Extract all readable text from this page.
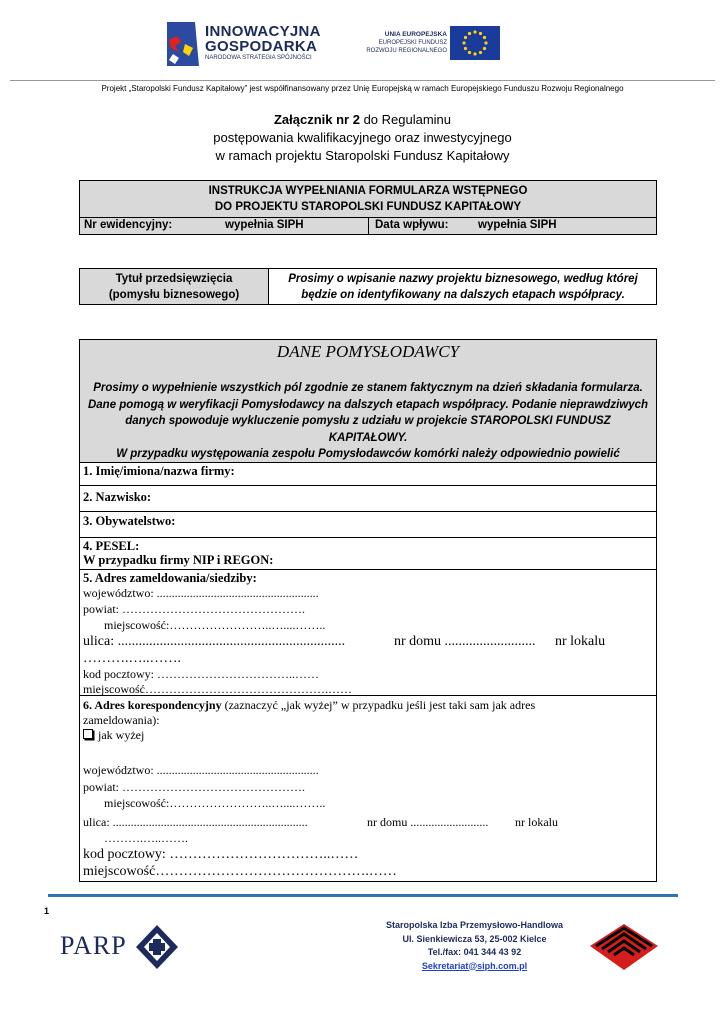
INNOWACYJNA
GOSPODARKA
NARODOWA STRATEGIA SPÓJNOŚCI
UNIA EUROPEJSKA
EUROPEJSKI FUNDUSZ
ROZWOJU REGIONALNEGO
Projekt „Staropolski Fundusz Kapitałowy” jest współfinansowany przez Unię Europejską w ramach Europejskiego Funduszu Rozwoju Regionalnego
Załącznik nr 2 do Regulaminu
postępowania kwalifikacyjnego oraz inwestycyjnego
w ramach projektu Staropolski Fundusz Kapitałowy
INSTRUKCJA WYPEŁNIANIA FORMULARZA WSTĘPNEGO
DO PROJEKTU STAROPOLSKI FUNDUSZ KAPITAŁOWY
Nr ewidencyjny:	wypełnia SIPH	Data wpływu:	wypełnia SIPH
Tytuł przedsięwzięcia
(pomysłu biznesowego)
Prosimy o wpisanie nazwy projektu biznesowego, według której
będzie on identyfikowany na dalszych etapach współpracy.
DANE POMYSŁODAWCY
Prosimy o wypełnienie wszystkich pól zgodnie ze stanem faktycznym na dzień składania formularza.
Dane pomogą w weryfikacji Pomysłodawcy na dalszych etapach współpracy. Podanie nieprawdziwych
danych spowoduje wykluczenie pomysłu z udziału w projekcie STAROPOLSKI FUNDUSZ
KAPITAŁOWY.
W przypadku występowania zespołu Pomysłodawców komórki należy odpowiednio powielić
1. Imię/imiona/nazwa firmy:
2. Nazwisko:
3. Obywatelstwo:
4. PESEL:
W przypadku firmy NIP i REGON:
5. Adres zameldowania/siedziby:
województwo: ......................................................
powiat: ……………………………………….
miejscowość:……………………..…....……..
ulica: .................................................................	nr domu .......................... nr lokalu
……….…..…….
kod pocztowy: ……………………………..……
miejscowość……………………………………….……
6. Adres korespondencyjny (zaznaczyć „jak wyżej” w przypadku jeśli jest taki sam jak adres
zameldowania):
jak wyżej
województwo: ......................................................
powiat: ……………………………………….
miejscowość:……………………..…....……..
ulica: .................................................................	nr domu .......................... nr lokalu
……….…..…….
kod pocztowy: ……………………………..……
miejscowość……………………………………….……
1
PARP
Staropolska Izba Przemysłowo-Handlowa
Ul. Sienkiewicza 53, 25-002 Kielce
Tel./fax: 041 344 43 92
Sekretariat@siph.com.pl
